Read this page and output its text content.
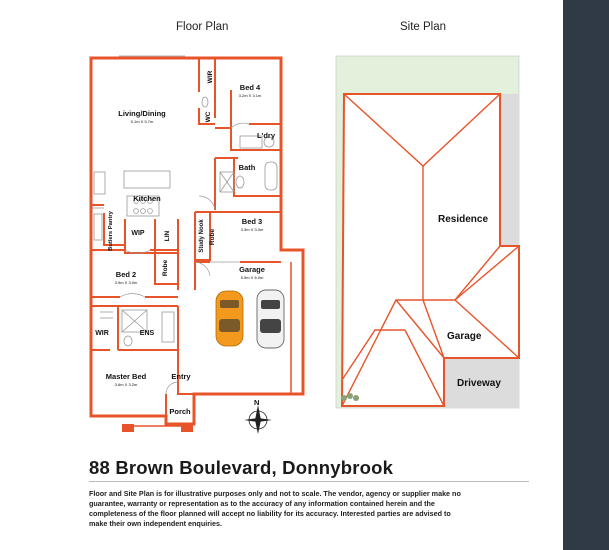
Floor Plan	Site Plan
N
Living/Dining
5.1m X 5.7m
Bed 4
3.2m X 3.1m
WIR
WC
L'dry
Bath
Kitchen
Bed 3
3.3m X 3.0m
Study Nook Robe
Butlers Pantry WIP	LIN
Bed 2
3.9m X 3.0m
Robe	Garage
5.5m X 6.0m
WIR	ENS
Master Bed
3.6m X 3.2m
Entry
Porch
Residence
Garage
Driveway
88 Brown Boulevard, Donnybrook

Floor and Site Plan is for illustrative purposes only and not to scale. The vendor, agency or supplier make no guarantee, warranty or representation as to the accuracy of any information contained herein and the completeness of the floor planned will accept no liability for its accuracy. Interested parties are advised to make their own independent enquiries.
